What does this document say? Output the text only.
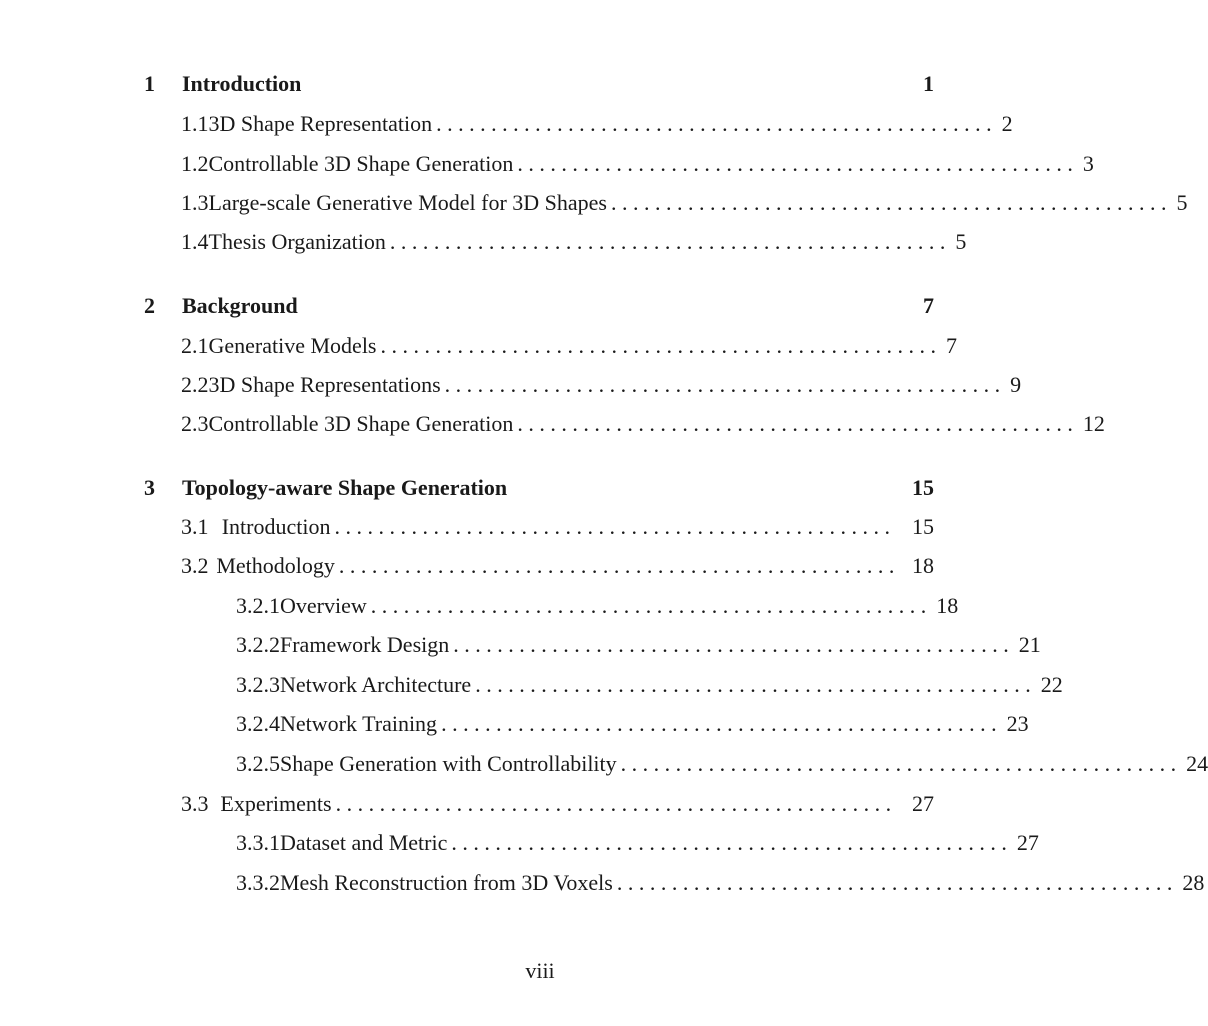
1	Introduction	1
1.1 3D Shape Representation . . . . . . . . . . . . . . . . . . . . . . . . . . . . . . . . . . . . . . . . . . . . . . . . . . . 2
1.2 Controllable 3D Shape Generation . . . . . . . . . . . . . . . . . . . . . . . . . . . . . . . . . . . . . . . . . . . . . . . . . . . 3
1.3 Large-scale Generative Model for 3D Shapes . . . . . . . . . . . . . . . . . . . . . . . . . . . . . . . . . . . . . . . . . . . . . . . . . . . 5
1.4 Thesis Organization . . . . . . . . . . . . . . . . . . . . . . . . . . . . . . . . . . . . . . . . . . . . . . . . . . . 5
2	Background	7
2.1 Generative Models . . . . . . . . . . . . . . . . . . . . . . . . . . . . . . . . . . . . . . . . . . . . . . . . . . . 7
2.2 3D Shape Representations . . . . . . . . . . . . . . . . . . . . . . . . . . . . . . . . . . . . . . . . . . . . . . . . . . . 9
2.3 Controllable 3D Shape Generation . . . . . . . . . . . . . . . . . . . . . . . . . . . . . . . . . . . . . . . . . . . . . . . . . . . 12
3	Topology-aware Shape Generation	15
3.1 Introduction . . . . . . . . . . . . . . . . . . . . . . . . . . . . . . . . . . . . . . . . . . . . . . . . . . .	15
3.2 Methodology . . . . . . . . . . . . . . . . . . . . . . . . . . . . . . . . . . . . . . . . . . . . . . . . . . . 18
3.2.1 Overview . . . . . . . . . . . . . . . . . . . . . . . . . . . . . . . . . . . . . . . . . . . . . . . . . . . 18
3.2.2 Framework Design . . . . . . . . . . . . . . . . . . . . . . . . . . . . . . . . . . . . . . . . . . . . . . . . . . . 21
3.2.3 Network Architecture . . . . . . . . . . . . . . . . . . . . . . . . . . . . . . . . . . . . . . . . . . . . . . . . . . . 22
3.2.4 Network Training . . . . . . . . . . . . . . . . . . . . . . . . . . . . . . . . . . . . . . . . . . . . . . . . . . . 23
3.2.5 Shape Generation with Controllability . . . . . . . . . . . . . . . . . . . . . . . . . . . . . . . . . . . . . . . . . . . . . . . . . . . 24
3.3 Experiments . . . . . . . . . . . . . . . . . . . . . . . . . . . . . . . . . . . . . . . . . . . . . . . . . . . 27
3.3.1 Dataset and Metric . . . . . . . . . . . . . . . . . . . . . . . . . . . . . . . . . . . . . . . . . . . . . . . . . . . 27
3.3.2 Mesh Reconstruction from 3D Voxels . . . . . . . . . . . . . . . . . . . . . . . . . . . . . . . . . . . . . . . . . . . . . . . . . . . 28
viii
